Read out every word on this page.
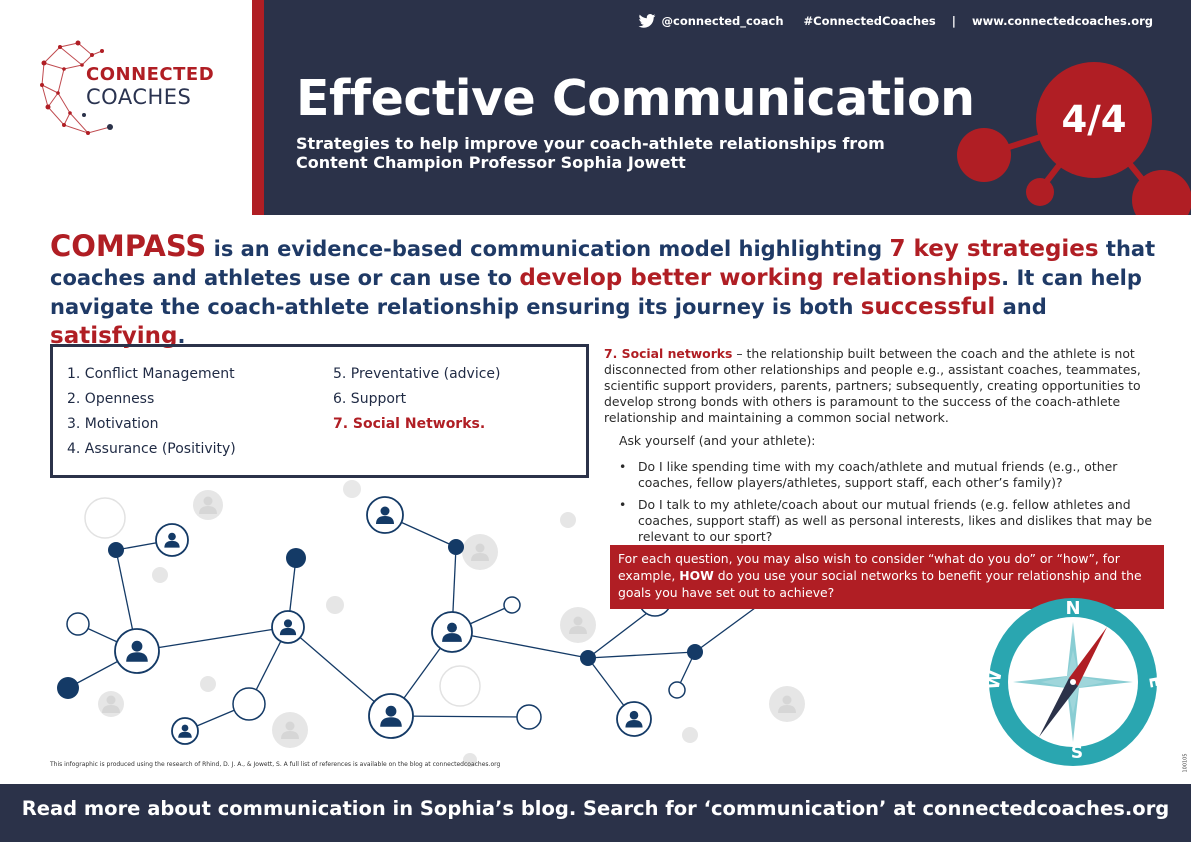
CONNECTED
COACHES
@connected_coach #ConnectedCoaches | www.connectedcoaches.org
Effective Communication
Strategies to help improve your coach-athlete relationships from
Content Champion Professor Sophia Jowett
4/4
COMPASS is an evidence-based communication model highlighting 7 key strategies that coaches and athletes use or can use to develop better working relationships. It can help navigate the coach-athlete relationship ensuring its journey is both successful and satisfying.
1. Conflict Management
2. Openness
3. Motivation
4. Assurance (Positivity)
5. Preventative (advice)
6. Support
7. Social Networks.
7. Social networks – the relationship built between the coach and the athlete is not disconnected from other relationships and people e.g., assistant coaches, teammates, scientific support providers, parents, partners; subsequently, creating opportunities to develop strong bonds with others is paramount to the success of the coach-athlete relationship and maintaining a common social network.
Ask yourself (and your athlete):
• Do I like spending time with my coach/athlete and mutual friends (e.g., other coaches, fellow players/athletes, support staff, each other’s family)?
• Do I talk to my athlete/coach about our mutual friends (e.g. fellow athletes and coaches, support staff) as well as personal interests, likes and dislikes that may be relevant to our sport?
For each question, you may also wish to consider “what do you do” or “how”, for example, HOW do you use your social networks to benefit your relationship and the goals you have set out to achieve?
N
E
S
W
This infographic is produced using the research of Rhind, D. J. A., & Jowett, S. A full list of references is available on the blog at connectedcoaches.org	100105
Read more about communication in Sophia’s blog. Search for ‘communication’ at connectedcoaches.org
